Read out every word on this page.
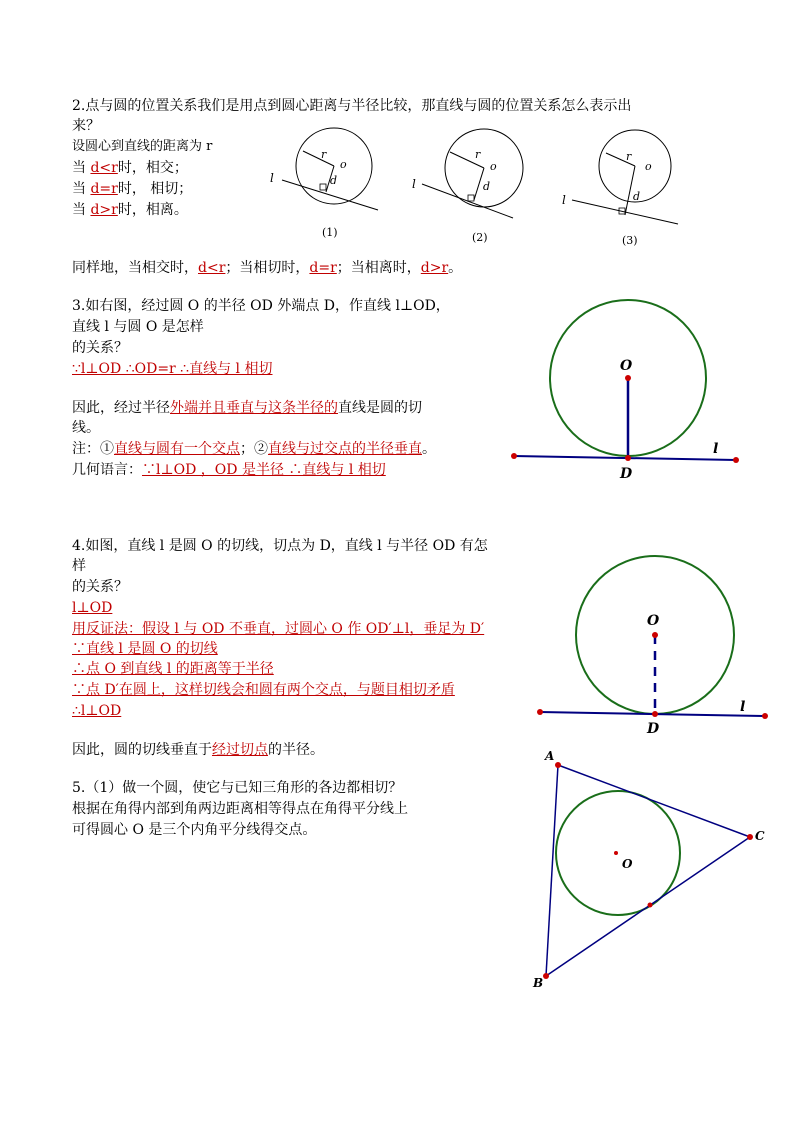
2.点与圆的位置关系我们是用点到圆心距离与半径比较，那直线与圆的位置关系怎么表示出
来？
设圆心到直线的距离为 r
当 d<r时，相交；
当 d=r时， 相切；
当 d>r时，相离。
r
o
d
l
(1)
r
o
d
l
(2)
r
o
d
l
(3)
同样地，当相交时，d<r；当相切时，d=r；当相离时，d>r。
3.如右图，经过圆 O 的半径 OD 外端点 D，作直线 l⊥OD，
直线 l 与圆 O 是怎样
的关系？
∵l⊥OD ∴OD=r ∴直线与 l 相切
因此，经过半径外端并且垂直与这条半径的直线是圆的切
线。
注：①直线与圆有一个交点；②直线与过交点的半径垂直。
几何语言：∵l⊥OD ，OD 是半径 ∴直线与 l 相切
O
D
l
4.如图，直线 l 是圆 O 的切线，切点为 D，直线 l 与半径 OD 有怎
样
的关系？
l⊥OD
用反证法：假设 l 与 OD 不垂直，过圆心 O 作 OD′⊥l，垂足为 D′
∵直线 l 是圆 O 的切线
∴点 O 到直线 l 的距离等于半径
∵点 D′在圆上，这样切线会和圆有两个交点，与题目相切矛盾
∴l⊥OD
因此，圆的切线垂直于经过切点的半径。
O
D
l
5.（1）做一个圆，使它与已知三角形的各边都相切？
根据在角得内部到角两边距离相等得点在角得平分线上
可得圆心 O 是三个内角平分线得交点。
A
C
B
O
